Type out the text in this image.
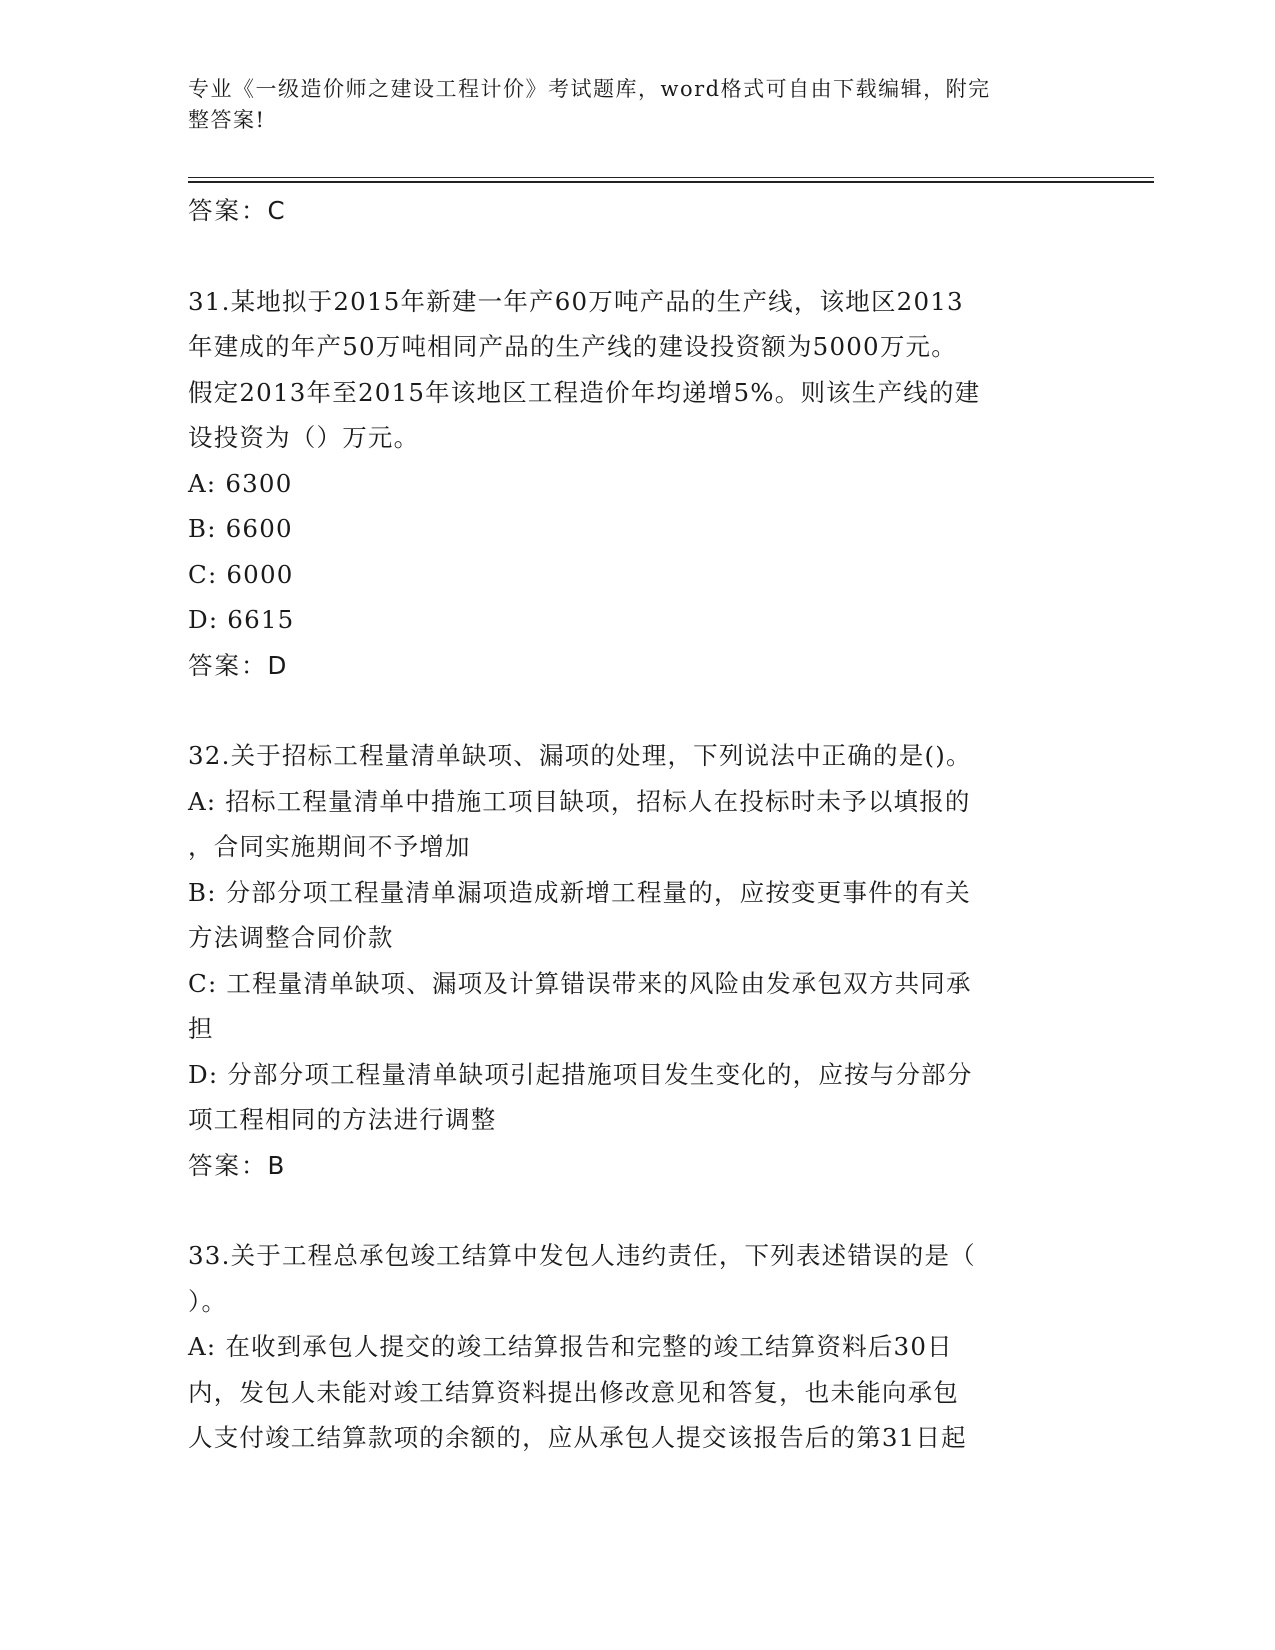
专业《一级造价师之建设工程计价》考试题库，word格式可自由下载编辑，附完
整答案!

答案：C

31.某地拟于2015年新建一年产60万吨产品的生产线，该地区2013

年建成的年产50万吨相同产品的生产线的建设投资额为5000万元。

假定2013年至2015年该地区工程造价年均递增5%。则该生产线的建

设投资为（）万元。

A: 6300

B: 6600

C: 6000

D: 6615

答案：D

32.关于招标工程量清单缺项、漏项的处理，下列说法中正确的是()。

A: 招标工程量清单中措施工项目缺项，招标人在投标时未予以填报的

，合同实施期间不予增加

B: 分部分项工程量清单漏项造成新增工程量的，应按变更事件的有关

方法调整合同价款

C: 工程量清单缺项、漏项及计算错误带来的风险由发承包双方共同承

担

D: 分部分项工程量清单缺项引起措施项目发生变化的，应按与分部分

项工程相同的方法进行调整

答案：B

33.关于工程总承包竣工结算中发包人违约责任，下列表述错误的是（

）。

A: 在收到承包人提交的竣工结算报告和完整的竣工结算资料后30日

内，发包人未能对竣工结算资料提出修改意见和答复，也未能向承包

人支付竣工结算款项的余额的，应从承包人提交该报告后的第31日起
